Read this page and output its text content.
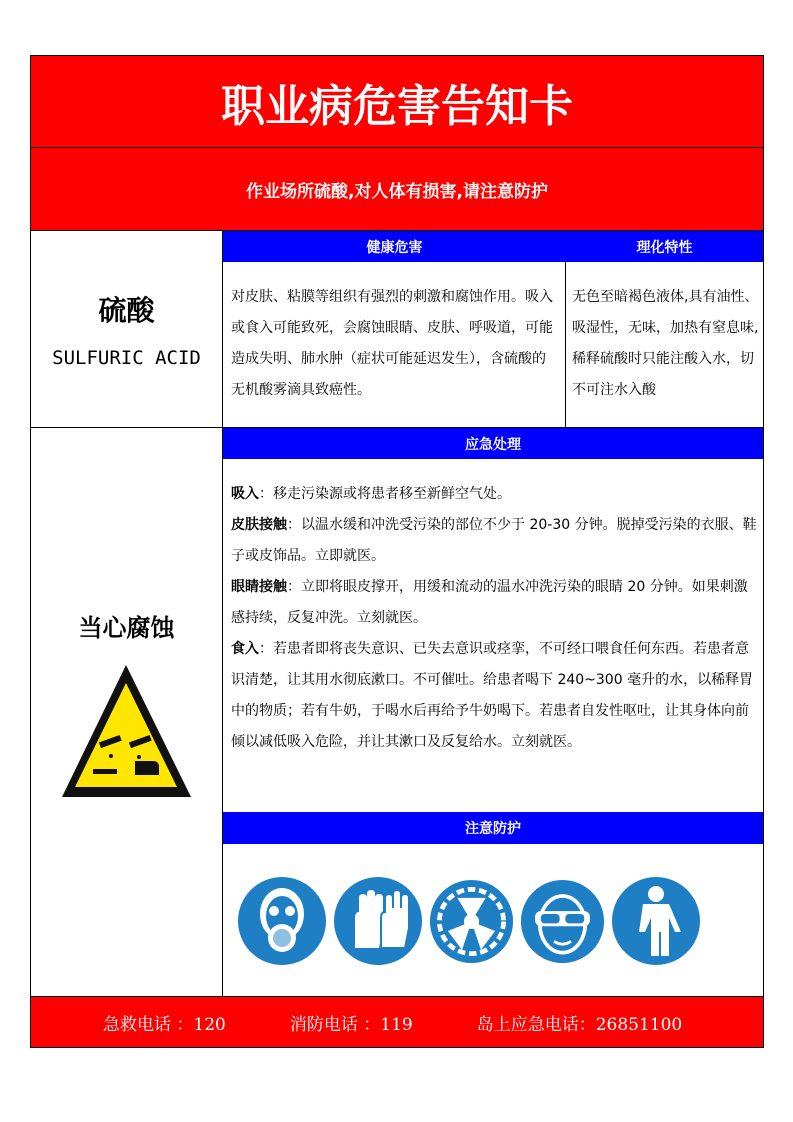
职业病危害告知卡
作业场所硫酸,对人体有损害,请注意防护
硫酸
SULFURIC ACID
健康危害	理化特性
对皮肤、粘膜等组织有强烈的刺激和腐蚀作用。吸入或食入可能致死，会腐蚀眼睛、皮肤、呼吸道，可能造成失明、肺水肿（症状可能延迟发生），含硫酸的无机酸雾滴具致癌性。
无色至暗褐色液体,具有油性、吸湿性，无味，加热有窒息味,稀释硫酸时只能注酸入水，切不可注水入酸
当心腐蚀
应急处理
吸入：移走污染源或将患者移至新鲜空气处。
皮肤接触：以温水缓和冲洗受污染的部位不少于 20-30 分钟。脱掉受污染的衣服、鞋子或皮饰品。立即就医。
眼睛接触：立即将眼皮撑开，用缓和流动的温水冲洗污染的眼睛 20 分钟。如果刺激感持续，反复冲洗。立刻就医。
食入：若患者即将丧失意识、已失去意识或痉挛，不可经口喂食任何东西。若患者意识清楚，让其用水彻底漱口。不可催吐。给患者喝下 240~300 毫升的水，以稀释胃中的物质；若有牛奶，于喝水后再给予牛奶喝下。若患者自发性呕吐，让其身体向前倾以减低吸入危险，并让其漱口及反复给水。立刻就医。
注意防护
急救电话 ：120	消防电话 ：119	岛上应急电话：26851100
